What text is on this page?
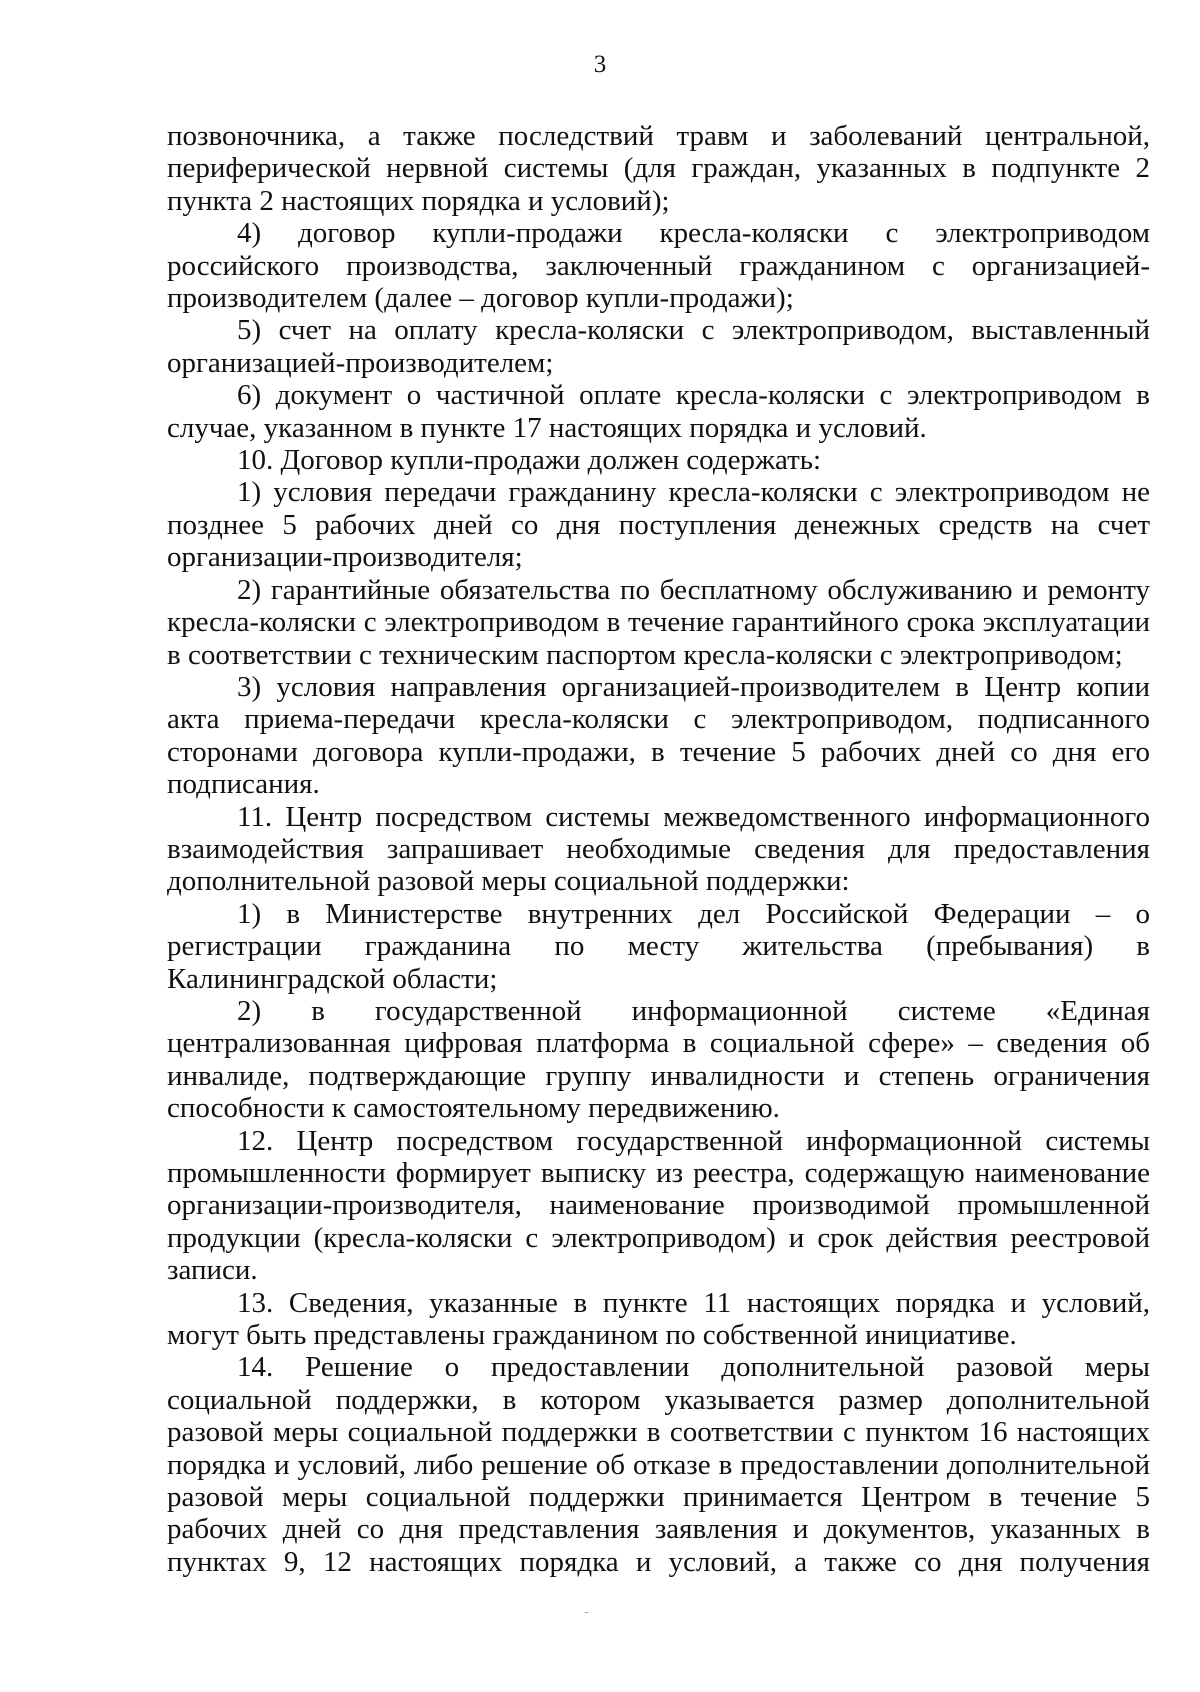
3

позвоночника, а также последствий травм и заболеваний центральной, периферической нервной системы (для граждан, указанных в подпункте 2 пункта 2 настоящих порядка и условий);

4) договор купли-продажи кресла-коляски с электроприводом российского производства, заключенный гражданином с организацией-производителем (далее – договор купли-продажи);

5) счет на оплату кресла-коляски с электроприводом, выставленный организацией-производителем;

6) документ о частичной оплате кресла-коляски с электроприводом в случае, указанном в пункте 17 настоящих порядка и условий.

10. Договор купли-продажи должен содержать:

1) условия передачи гражданину кресла-коляски с электроприводом не позднее 5 рабочих дней со дня поступления денежных средств на счет организации-производителя;

2) гарантийные обязательства по бесплатному обслуживанию и ремонту кресла-коляски с электроприводом в течение гарантийного срока эксплуатации в соответствии с техническим паспортом кресла-коляски с электроприводом;

3) условия направления организацией-производителем в Центр копии акта приема-передачи кресла-коляски с электроприводом, подписанного сторонами договора купли-продажи, в течение 5 рабочих дней со дня его подписания.

11. Центр посредством системы межведомственного информационного взаимодействия запрашивает необходимые сведения для предоставления дополнительной разовой меры социальной поддержки:

1) в Министерстве внутренних дел Российской Федерации – о регистрации гражданина по месту жительства (пребывания) в Калининградской области;

2) в государственной информационной системе «Единая централизованная цифровая платформа в социальной сфере» – сведения об инвалиде, подтверждающие группу инвалидности и степень ограничения способности к самостоятельному передвижению.

12. Центр посредством государственной информационной системы промышленности формирует выписку из реестра, содержащую наименование организации-производителя, наименование производимой промышленной продукции (кресла-коляски с электроприводом) и срок действия реестровой записи.

13. Сведения, указанные в пункте 11 настоящих порядка и условий, могут быть представлены гражданином по собственной инициативе.

14. Решение о предоставлении дополнительной разовой меры социальной поддержки, в котором указывается размер дополнительной разовой меры социальной поддержки в соответствии с пунктом 16 настоящих порядка и условий, либо решение об отказе в предоставлении дополнительной разовой меры социальной поддержки принимается Центром в течение 5 рабочих дней со дня представления заявления и документов, указанных в пунктах 9, 12 настоящих порядка и условий, а также со дня получения
